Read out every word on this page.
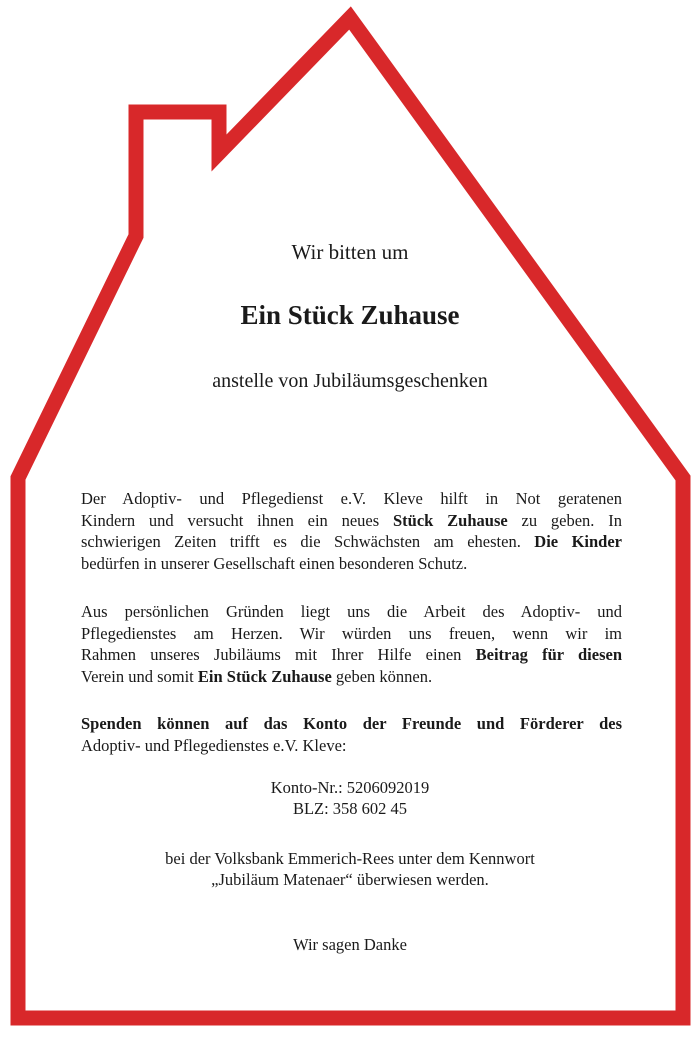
Wir bitten um

Ein Stück Zuhause

anstelle von Jubiläumsgeschenken

Der Adoptiv- und Pflegedienst e.V. Kleve hilft in Not geratenen
Kindern und versucht ihnen ein neues Stück Zuhause zu geben. In
schwierigen Zeiten trifft es die Schwächsten am ehesten. Die Kinder
bedürfen in unserer Gesellschaft einen besonderen Schutz.

Aus persönlichen Gründen liegt uns die Arbeit des Adoptiv- und
Pflegedienstes am Herzen. Wir würden uns freuen, wenn wir im
Rahmen unseres Jubiläums mit Ihrer Hilfe einen Beitrag für diesen
Verein und somit Ein Stück Zuhause geben können.

Spenden können auf das Konto der Freunde und Förderer des
Adoptiv- und Pflegedienstes e.V. Kleve:

Konto-Nr.: 5206092019

BLZ: 358 602 45

bei der Volksbank Emmerich-Rees unter dem Kennwort

„Jubiläum Matenaer“ überwiesen werden.

Wir sagen Danke
